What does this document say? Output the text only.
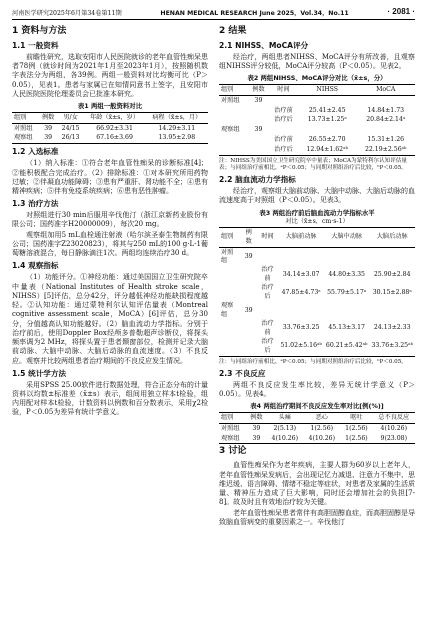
河南医学研究2025年6月第34卷第11期	HENAN MEDICAL RESEARCH June 2025，Vol.34，No.11	· 2081 ·
1 资料与方法
1.1 一般资料

前瞻性研究，选取安阳市人民医院就诊的老年血管性痴呆患者78例（就诊时间为2021年1月至2023年1月），按照随机数字表法分为两组，各39例。两组一般资料对比均衡可比（P＞0.05），见表1。患者与家属已在知情同意书上签字，且安阳市人民医院医院伦理委员会已批准本研究。

表1 两组一般资料对比
组别	例数	男/女	年龄（x̄±s，岁）	病程（x̄±s，月）
对照组	39	24/15	66.92±3.31	14.29±3.11
观察组	39	26/13	67.16±3.69	13.95±2.98
1.2 入选标准

（1）纳入标准：①符合老年血管性痴呆的诊断标准[4]；②能积极配合完成治疗。（2）排除标准：①对本研究所用药物过敏；②伴凝血功能障碍；③患有严重肝、肾功能不全；④患有精神疾病；⑤伴有免疫系统疾病；⑥患有恶性肿瘤。

1.3 治疗方法

对照组进行30 min后服用辛伐他汀（浙江京新药业股份有限公司；国药准字H20000009），每次20 mg。

观察组加用5 mL血栓通注射液（哈尔滨圣泰生物制药有限公司；国药准字Z23020823），将其与250 mL的100 g·L-1葡萄糖溶液混合，每日静脉滴注1次。两组均连续治疗30 d。

1.4 观察指标

（1）功能评分。①神经功能：通过美国国立卫生研究院卒中量表（National Institutes of Health stroke scale，NIHSS）[5]评估，总分42分，评分越低神经功能缺损程度越轻。②认知功能：通过蒙特利尔认知评估量表（Montreal cognitive assessment scale，MoCA）[6]评估，总分30分，分值越高认知功能越好。（2）脑血流动力学指标。分别于治疗前后，使用Doppler Box经颅多普勒超声诊断仪，将探头频率调为2 MHz，将探头置于患者颞窗部位，检测并记录大脑前动脉、大脑中动脉、大脑后动脉的血流速度。（3）不良反应。观察并比较两组患者治疗期间的不良反应发生情况。

1.5 统计学方法

采用SPSS 25.00软件进行数据处理，符合正态分布的计量资料以均数±标准差（x̄±s）表示，组间用独立样本t检验，组内用配对样本t检验，计数资料以例数和百分数表示，采用χ2检验，P＜0.05为差异有统计学意义。

2 结果
2.1 NIHSS、MoCA评分

经治疗，两组患者NIHSS、MoCA评分有所改善，且观察组NIHSS评分较低，MoCA评分较高（P＜0.05）。见表2。

表2 两组NIHSS、MoCA评分对比（x̄±s，分）
组别	例数	时间	NIHSS	MoCA
对照组	39			
		治疗前	25.41±2.45	14.84±1.73
		治疗后	13.73±1.25ᵃ	20.84±2.14ᵃ
观察组	39			
		治疗前	26.55±2.70	15.31±1.26
		治疗后	12.94±1.62ᵃᵇ	22.19±2.56ᵃᵇ
注：NIHSS为美国国立卫生研究院卒中量表；MoCA为蒙特利尔认知评估量表；与同组治疗前相比，ᵃP＜0.05；与同期对照组治疗后比较，ᵇP＜0.05。
2.2 脑血流动力学指标

经治疗，观察组大脑前动脉、大脑中动脉、大脑后动脉的血流速度高于对照组（P＜0.05）。见表3。

表3 两组治疗前后脑血流动力学指标水平
对比（x̄±s，cm·s-1）
组别	例数	时间	大脑前动脉	大脑中动脉	大脑后动脉
对照组	39				
		治疗前	34.14±3.07	44.80±3.35	25.90±2.84
		治疗后	47.85±4.73ᵃ	55.79±5.17ᵃ	30.15±2.88ᵃ
观察组	39				
		治疗前	33.76±3.25	45.13±3.17	24.13±2.33
		治疗后	51.02±5.16ᵃᵇ	60.21±5.42ᵃᵇ	33.76±3.25ᵃᵇ
注：与同组治疗前相比，ᵃP＜0.05；与同期对照组治疗后比较，ᵇP＜0.05。
2.3 不良反应

两组不良反应发生率比较，差异无统计学意义（P＞0.05）。见表4。

表4 两组治疗期间不良反应发生率对比[例(%)]
组别	例数	头痛	恶心	呕吐	总不良反应
对照组	39	2(5.13)	1(2.56)	1(2.56)	4(10.26)
观察组	39	4(10.26)	4(10.26)	1(2.56)	9(23.08)
3 讨论

血管性痴呆作为老年疾病，主要人群为60岁以上老年人，老年血管性痴呆发病后，会出现记忆力减退、注意力不集中、思维迟缓、语言障碍、情绪不稳定等症状，对患者及家属的生活质量、精神压力造成了巨大影响，同时还会增加社会的负担[7-8]。故及时且有效地治疗较为关键。

老年血管性痴呆患者常伴有高胆固醇血症，而高胆固醇是导致脑血管病变的重要因素之一。辛伐他汀
